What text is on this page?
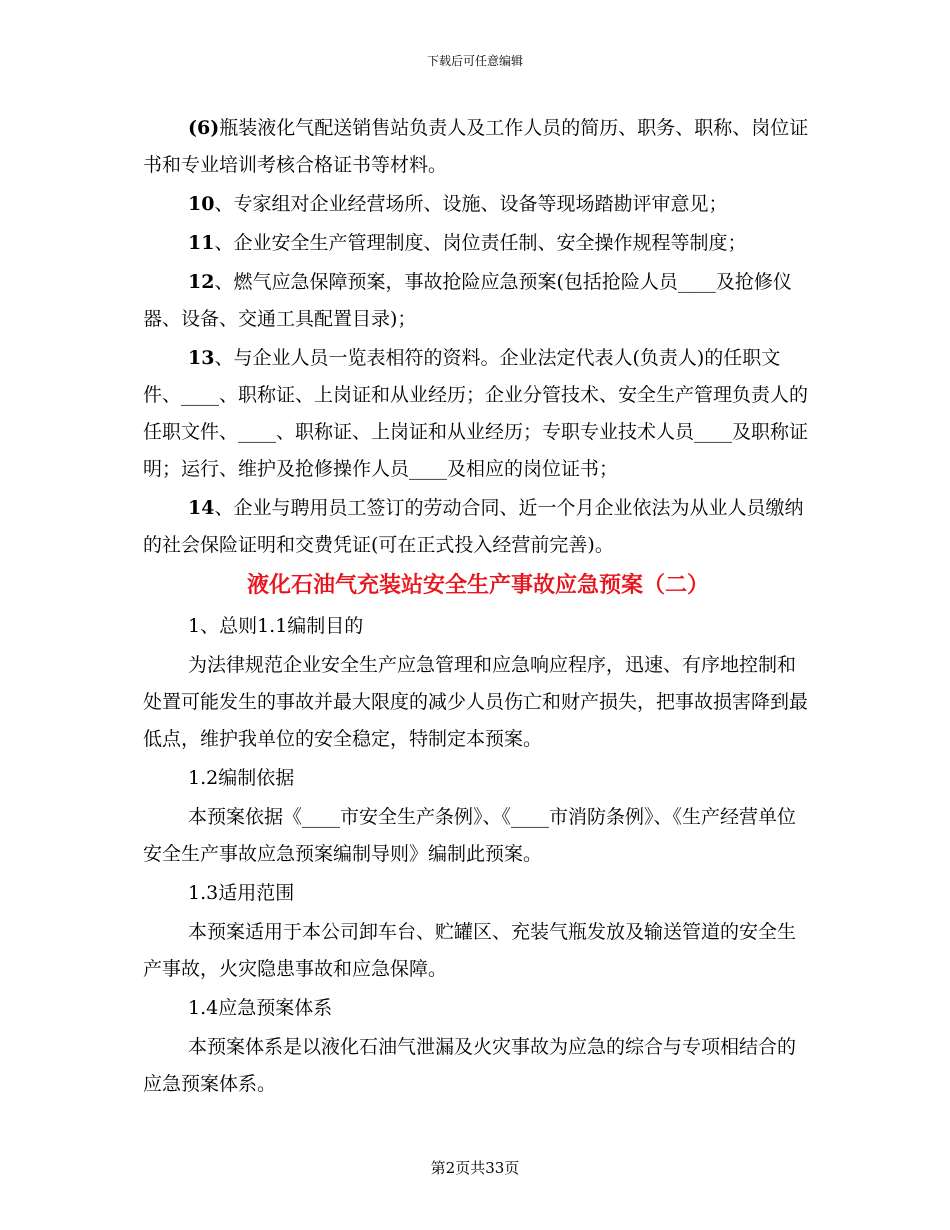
下载后可任意编辑

(6)瓶装液化气配送销售站负责人及工作人员的简历、职务、职称、岗位证书和专业培训考核合格证书等材料。

10、专家组对企业经营场所、设施、设备等现场踏勘评审意见；

11、企业安全生产管理制度、岗位责任制、安全操作规程等制度；

12、燃气应急保障预案，事故抢险应急预案(包括抢险人员____及抢修仪器、设备、交通工具配置目录)；

13、与企业人员一览表相符的资料。企业法定代表人(负责人)的任职文件、____、职称证、上岗证和从业经历；企业分管技术、安全生产管理负责人的任职文件、____、职称证、上岗证和从业经历；专职专业技术人员____及职称证明；运行、维护及抢修操作人员____及相应的岗位证书；

14、企业与聘用员工签订的劳动合同、近一个月企业依法为从业人员缴纳的社会保险证明和交费凭证(可在正式投入经营前完善)。

液化石油气充装站安全生产事故应急预案（二）

1、总则1.1编制目的

为法律规范企业安全生产应急管理和应急响应程序，迅速、有序地控制和处置可能发生的事故并最大限度的减少人员伤亡和财产损失，把事故损害降到最低点，维护我单位的安全稳定，特制定本预案。

1.2编制依据

本预案依据《____市安全生产条例》、《____市消防条例》、《生产经营单位安全生产事故应急预案编制导则》编制此预案。

1.3适用范围

本预案适用于本公司卸车台、贮罐区、充装气瓶发放及输送管道的安全生产事故，火灾隐患事故和应急保障。

1.4应急预案体系

本预案体系是以液化石油气泄漏及火灾事故为应急的综合与专项相结合的应急预案体系。

第2页共33页
